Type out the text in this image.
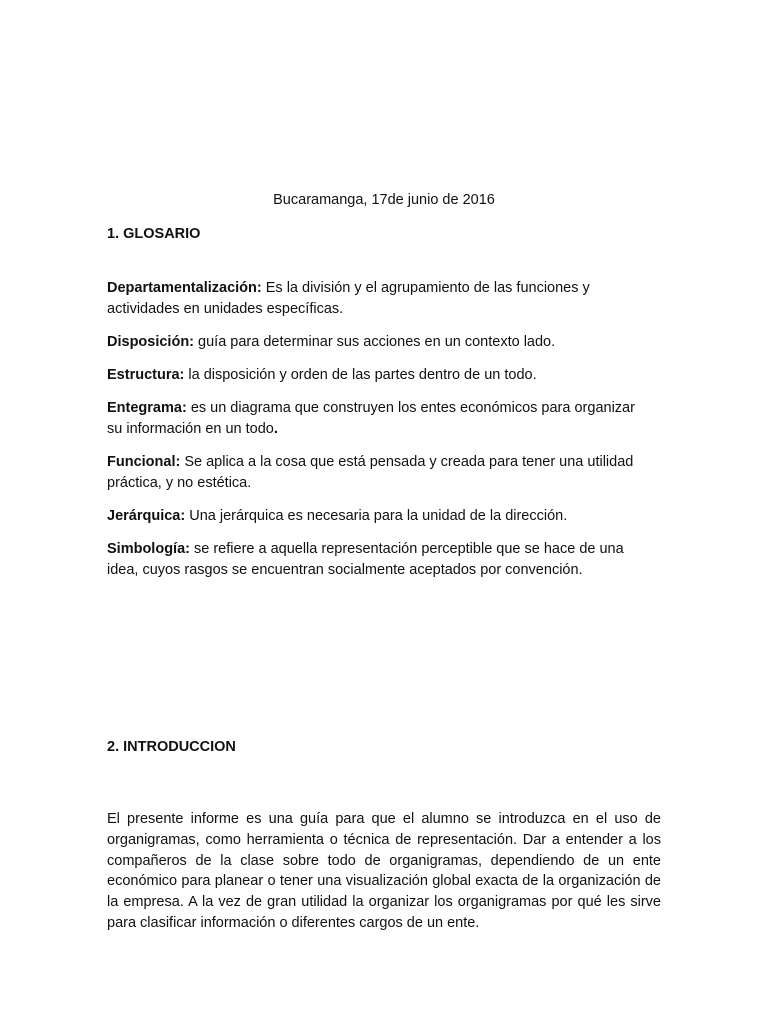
Bucaramanga, 17de junio de 2016
1. GLOSARIO

Departamentalización: Es la división y el agrupamiento de las funciones y actividades en unidades específicas.

Disposición: guía para determinar sus acciones en un contexto lado.

Estructura: la disposición y orden de las partes dentro de un todo.

Entegrama: es un diagrama que construyen los entes económicos para organizar su información en un todo.

Funcional: Se aplica a la cosa que está pensada y creada para tener una utilidad práctica, y no estética.

Jerárquica: Una jerárquica es necesaria para la unidad de la dirección.

Simbología: se refiere a aquella representación perceptible que se hace de una idea, cuyos rasgos se encuentran socialmente aceptados por convención.

2. INTRODUCCION

El presente informe es una guía para que el alumno se introduzca en el uso de organigramas, como herramienta o técnica de representación. Dar a entender a los compañeros de la clase sobre todo de organigramas, dependiendo de un ente económico para planear o tener una visualización global exacta de la organización de la empresa. A la vez de gran utilidad la organizar los organigramas por qué les sirve para clasificar información o diferentes cargos de un ente.
